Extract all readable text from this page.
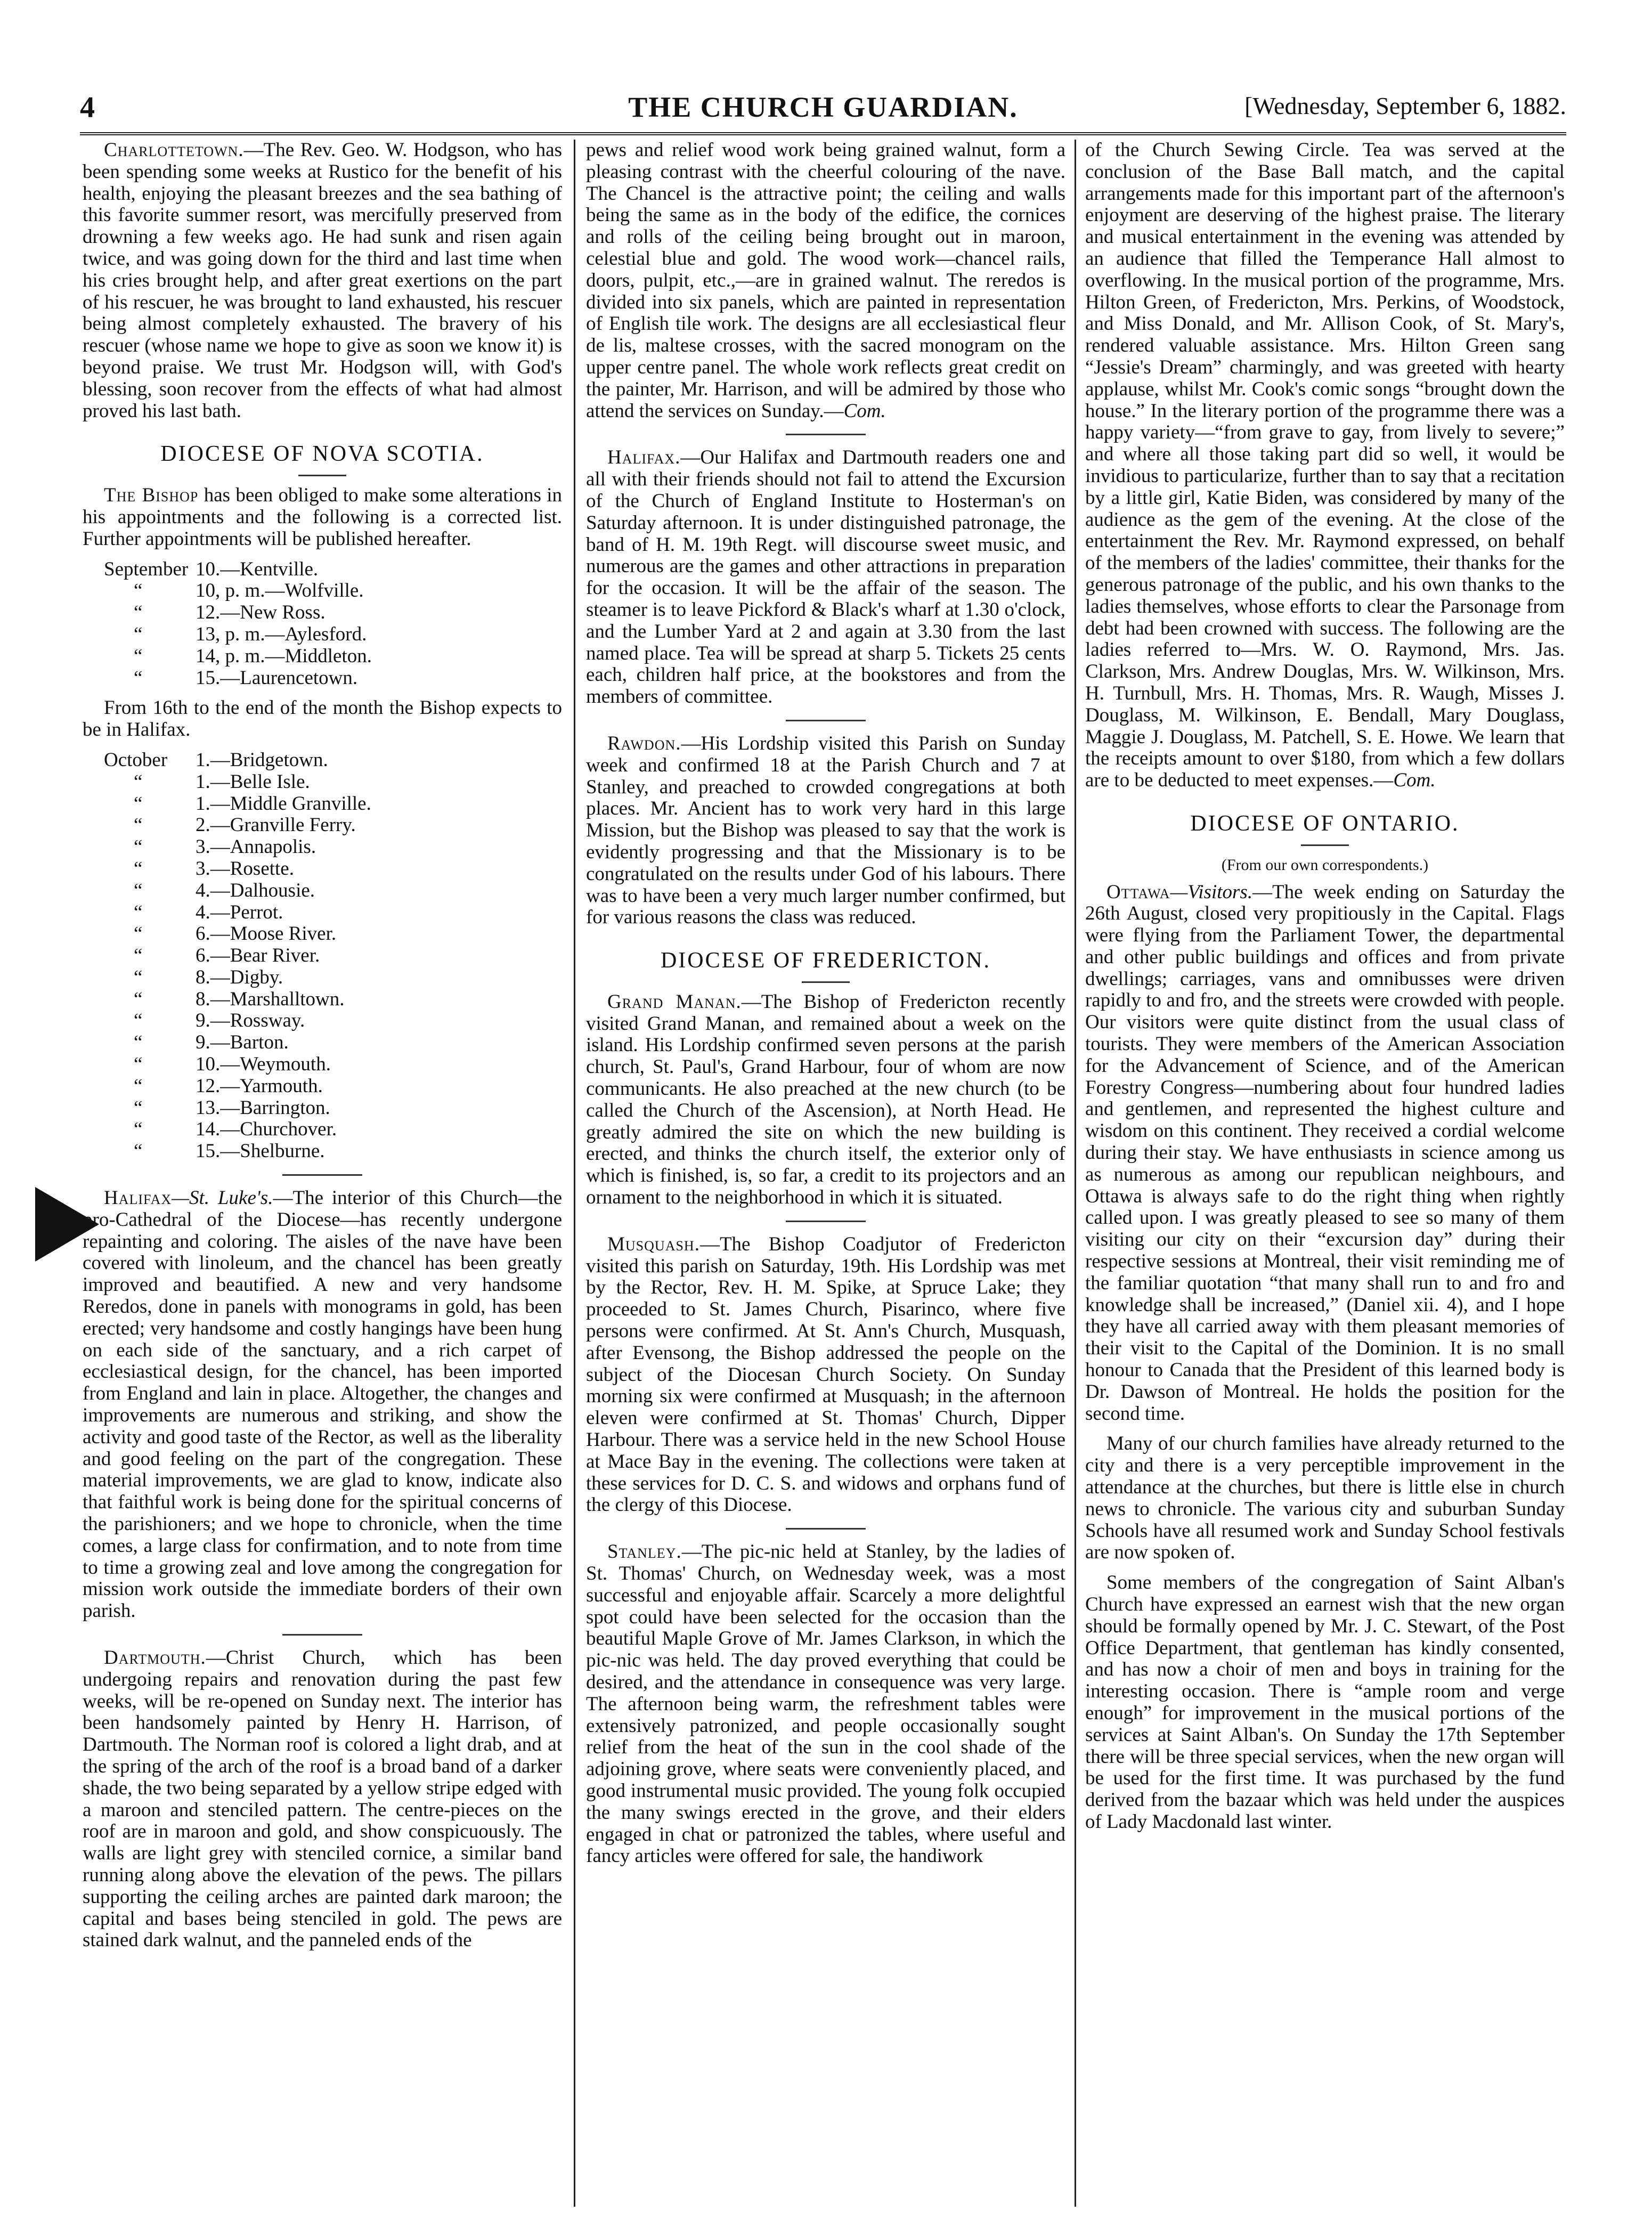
4	THE CHURCH GUARDIAN.	[Wednesday, September 6, 1882.

Charlottetown.—The Rev. Geo. W. Hodgson, who has been spending some weeks at Rustico for the benefit of his health, enjoying the pleasant breezes and the sea bathing of this favorite summer resort, was mercifully preserved from drowning a few weeks ago. He had sunk and risen again twice, and was going down for the third and last time when his cries brought help, and after great exertions on the part of his rescuer, he was brought to land exhausted, his rescuer being almost completely exhausted. The bravery of his rescuer (whose name we hope to give as soon we know it) is beyond praise. We trust Mr. Hodgson will, with God's blessing, soon recover from the effects of what had almost proved his last bath.

DIOCESE OF NOVA SCOTIA.

The Bishop has been obliged to make some alterations in his appointments and the following is a corrected list. Further appointments will be published hereafter.

September 10.—Kentville.
“	10, p. m.—Wolfville.
“	12.—New Ross.
“	13, p. m.—Aylesford.
“	14, p. m.—Middleton.
“	15.—Laurencetown.

From 16th to the end of the month the Bishop expects to be in Halifax.

October 1.—Bridgetown.
“	1.—Belle Isle.
“	1.—Middle Granville.
“	2.—Granville Ferry.
“	3.—Annapolis.
“	3.—Rosette.
“	4.—Dalhousie.
“	4.—Perrot.
“	6.—Moose River.
“	6.—Bear River.
“	8.—Digby.
“	8.—Marshalltown.
“	9.—Rossway.
“	9.—Barton.
“	10.—Weymouth.
“	12.—Yarmouth.
“	13.—Barrington.
“	14.—Churchover.
“	15.—Shelburne.

Halifax—St. Luke's.—The interior of this Church—the pro-Cathedral of the Diocese—has recently undergone repainting and coloring. The aisles of the nave have been covered with linoleum, and the chancel has been greatly improved and beautified. A new and very handsome Reredos, done in panels with monograms in gold, has been erected; very handsome and costly hangings have been hung on each side of the sanctuary, and a rich carpet of ecclesiastical design, for the chancel, has been imported from England and lain in place. Altogether, the changes and improvements are numerous and striking, and show the activity and good taste of the Rector, as well as the liberality and good feeling on the part of the congregation. These material improvements, we are glad to know, indicate also that faithful work is being done for the spiritual concerns of the parishioners; and we hope to chronicle, when the time comes, a large class for confirmation, and to note from time to time a growing zeal and love among the congregation for mission work outside the immediate borders of their own parish.

Dartmouth.—Christ Church, which has been undergoing repairs and renovation during the past few weeks, will be re-opened on Sunday next. The interior has been handsomely painted by Henry H. Harrison, of Dartmouth. The Norman roof is colored a light drab, and at the spring of the arch of the roof is a broad band of a darker shade, the two being separated by a yellow stripe edged with a maroon and stenciled pattern. The centre-pieces on the roof are in maroon and gold, and show conspicuously. The walls are light grey with stenciled cornice, a similar band running along above the elevation of the pews. The pillars supporting the ceiling arches are painted dark maroon; the capital and bases being stenciled in gold. The pews are stained dark walnut, and the panneled ends of the

pews and relief wood work being grained walnut, form a pleasing contrast with the cheerful colouring of the nave. The Chancel is the attractive point; the ceiling and walls being the same as in the body of the edifice, the cornices and rolls of the ceiling being brought out in maroon, celestial blue and gold. The wood work—chancel rails, doors, pulpit, etc.,—are in grained walnut. The reredos is divided into six panels, which are painted in representation of English tile work. The designs are all ecclesiastical fleur de lis, maltese crosses, with the sacred monogram on the upper centre panel. The whole work reflects great credit on the painter, Mr. Harrison, and will be admired by those who attend the services on Sunday.—Com.

Halifax.—Our Halifax and Dartmouth readers one and all with their friends should not fail to attend the Excursion of the Church of England Institute to Hosterman's on Saturday afternoon. It is under distinguished patronage, the band of H. M. 19th Regt. will discourse sweet music, and numerous are the games and other attractions in preparation for the occasion. It will be the affair of the season. The steamer is to leave Pickford & Black's wharf at 1.30 o'clock, and the Lumber Yard at 2 and again at 3.30 from the last named place. Tea will be spread at sharp 5. Tickets 25 cents each, children half price, at the bookstores and from the members of committee.

Rawdon.—His Lordship visited this Parish on Sunday week and confirmed 18 at the Parish Church and 7 at Stanley, and preached to crowded congregations at both places. Mr. Ancient has to work very hard in this large Mission, but the Bishop was pleased to say that the work is evidently progressing and that the Missionary is to be congratulated on the results under God of his labours. There was to have been a very much larger number confirmed, but for various reasons the class was reduced.

DIOCESE OF FREDERICTON.

Grand Manan.—The Bishop of Fredericton recently visited Grand Manan, and remained about a week on the island. His Lordship confirmed seven persons at the parish church, St. Paul's, Grand Harbour, four of whom are now communicants. He also preached at the new church (to be called the Church of the Ascension), at North Head. He greatly admired the site on which the new building is erected, and thinks the church itself, the exterior only of which is finished, is, so far, a credit to its projectors and an ornament to the neighborhood in which it is situated.

Musquash.—The Bishop Coadjutor of Fredericton visited this parish on Saturday, 19th. His Lordship was met by the Rector, Rev. H. M. Spike, at Spruce Lake; they proceeded to St. James Church, Pisarinco, where five persons were confirmed. At St. Ann's Church, Musquash, after Evensong, the Bishop addressed the people on the subject of the Diocesan Church Society. On Sunday morning six were confirmed at Musquash; in the afternoon eleven were confirmed at St. Thomas' Church, Dipper Harbour. There was a service held in the new School House at Mace Bay in the evening. The collections were taken at these services for D. C. S. and widows and orphans fund of the clergy of this Diocese.

Stanley.—The pic-nic held at Stanley, by the ladies of St. Thomas' Church, on Wednesday week, was a most successful and enjoyable affair. Scarcely a more delightful spot could have been selected for the occasion than the beautiful Maple Grove of Mr. James Clarkson, in which the pic-nic was held. The day proved everything that could be desired, and the attendance in consequence was very large. The afternoon being warm, the refreshment tables were extensively patronized, and people occasionally sought relief from the heat of the sun in the cool shade of the adjoining grove, where seats were conveniently placed, and good instrumental music provided. The young folk occupied the many swings erected in the grove, and their elders engaged in chat or patronized the tables, where useful and fancy articles were offered for sale, the handiwork

of the Church Sewing Circle. Tea was served at the conclusion of the Base Ball match, and the capital arrangements made for this important part of the afternoon's enjoyment are deserving of the highest praise. The literary and musical entertainment in the evening was attended by an audience that filled the Temperance Hall almost to overflowing. In the musical portion of the programme, Mrs. Hilton Green, of Fredericton, Mrs. Perkins, of Woodstock, and Miss Donald, and Mr. Allison Cook, of St. Mary's, rendered valuable assistance. Mrs. Hilton Green sang “Jessie's Dream” charmingly, and was greeted with hearty applause, whilst Mr. Cook's comic songs “brought down the house.” In the literary portion of the programme there was a happy variety—“from grave to gay, from lively to severe;” and where all those taking part did so well, it would be invidious to particularize, further than to say that a recitation by a little girl, Katie Biden, was considered by many of the audience as the gem of the evening. At the close of the entertainment the Rev. Mr. Raymond expressed, on behalf of the members of the ladies' committee, their thanks for the generous patronage of the public, and his own thanks to the ladies themselves, whose efforts to clear the Parsonage from debt had been crowned with success. The following are the ladies referred to—Mrs. W. O. Raymond, Mrs. Jas. Clarkson, Mrs. Andrew Douglas, Mrs. W. Wilkinson, Mrs. H. Turnbull, Mrs. H. Thomas, Mrs. R. Waugh, Misses J. Douglass, M. Wilkinson, E. Bendall, Mary Douglass, Maggie J. Douglass, M. Patchell, S. E. Howe. We learn that the receipts amount to over $180, from which a few dollars are to be deducted to meet expenses.—Com.

DIOCESE OF ONTARIO.
(From our own correspondents.)

Ottawa—Visitors.—The week ending on Saturday the 26th August, closed very propitiously in the Capital. Flags were flying from the Parliament Tower, the departmental and other public buildings and offices and from private dwellings; carriages, vans and omnibusses were driven rapidly to and fro, and the streets were crowded with people. Our visitors were quite distinct from the usual class of tourists. They were members of the American Association for the Advancement of Science, and of the American Forestry Congress—numbering about four hundred ladies and gentlemen, and represented the highest culture and wisdom on this continent. They received a cordial welcome during their stay. We have enthusiasts in science among us as numerous as among our republican neighbours, and Ottawa is always safe to do the right thing when rightly called upon. I was greatly pleased to see so many of them visiting our city on their “excursion day” during their respective sessions at Montreal, their visit reminding me of the familiar quotation “that many shall run to and fro and knowledge shall be increased,” (Daniel xii. 4), and I hope they have all carried away with them pleasant memories of their visit to the Capital of the Dominion. It is no small honour to Canada that the President of this learned body is Dr. Dawson of Montreal. He holds the position for the second time.

Many of our church families have already returned to the city and there is a very perceptible improvement in the attendance at the churches, but there is little else in church news to chronicle. The various city and suburban Sunday Schools have all resumed work and Sunday School festivals are now spoken of.

Some members of the congregation of Saint Alban's Church have expressed an earnest wish that the new organ should be formally opened by Mr. J. C. Stewart, of the Post Office Department, that gentleman has kindly consented, and has now a choir of men and boys in training for the interesting occasion. There is “ample room and verge enough” for improvement in the musical portions of the services at Saint Alban's. On Sunday the 17th September there will be three special services, when the new organ will be used for the first time. It was purchased by the fund derived from the bazaar which was held under the auspices of Lady Macdonald last winter.
